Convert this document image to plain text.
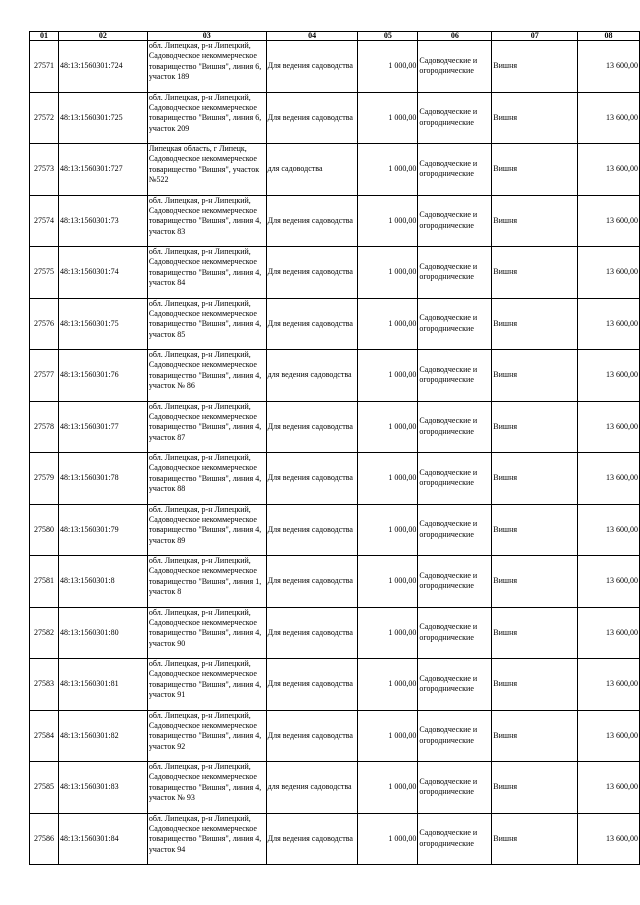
01	02	03	04	05	06	07	08
27571	48:13:1560301:724	обл. Липецкая, р-н Липецкий, Садоводческое некоммерческое товарищество "Вишня", линия 6, участок 189	Для ведения садоводства	1 000,00	Садоводческие и огороднические	Вишня	13 600,00
27572	48:13:1560301:725	обл. Липецкая, р-н Липецкий, Садоводческое некоммерческое товарищество "Вишня", линия 6, участок 209	Для ведения садоводства	1 000,00	Садоводческие и огороднические	Вишня	13 600,00
27573	48:13:1560301:727	Липецкая область, г Липецк, Садоводческое некоммерческое товарищество "Вишня", участок №522	для садоводства	1 000,00	Садоводческие и огороднические	Вишня	13 600,00
27574	48:13:1560301:73	обл. Липецкая, р-н Липецкий, Садоводческое некоммерческое товарищество "Вишня", линия 4, участок 83	Для ведения садоводства	1 000,00	Садоводческие и огороднические	Вишня	13 600,00
27575	48:13:1560301:74	обл. Липецкая, р-н Липецкий, Садоводческое некоммерческое товарищество "Вишня", линия 4, участок 84	Для ведения садоводства	1 000,00	Садоводческие и огороднические	Вишня	13 600,00
27576	48:13:1560301:75	обл. Липецкая, р-н Липецкий, Садоводческое некоммерческое товарищество "Вишня", линия 4, участок 85	Для ведения садоводства	1 000,00	Садоводческие и огороднические	Вишня	13 600,00
27577	48:13:1560301:76	обл. Липецкая, р-н Липецкий, Садоводческое некоммерческое товарищество "Вишня", линия 4, участок № 86	для ведения садоводства	1 000,00	Садоводческие и огороднические	Вишня	13 600,00
27578	48:13:1560301:77	обл. Липецкая, р-н Липецкий, Садоводческое некоммерческое товарищество "Вишня", линия 4, участок 87	Для ведения садоводства	1 000,00	Садоводческие и огороднические	Вишня	13 600,00
27579	48:13:1560301:78	обл. Липецкая, р-н Липецкий, Садоводческое некоммерческое товарищество "Вишня", линия 4, участок 88	Для ведения садоводства	1 000,00	Садоводческие и огороднические	Вишня	13 600,00
27580	48:13:1560301:79	обл. Липецкая, р-н Липецкий, Садоводческое некоммерческое товарищество "Вишня", линия 4, участок 89	Для ведения садоводства	1 000,00	Садоводческие и огороднические	Вишня	13 600,00
27581	48:13:1560301:8	обл. Липецкая, р-н Липецкий, Садоводческое некоммерческое товарищество "Вишня", линия 1, участок 8	Для ведения садоводства	1 000,00	Садоводческие и огороднические	Вишня	13 600,00
27582	48:13:1560301:80	обл. Липецкая, р-н Липецкий, Садоводческое некоммерческое товарищество "Вишня", линия 4, участок 90	Для ведения садоводства	1 000,00	Садоводческие и огороднические	Вишня	13 600,00
27583	48:13:1560301:81	обл. Липецкая, р-н Липецкий, Садоводческое некоммерческое товарищество "Вишня", линия 4, участок 91	Для ведения садоводства	1 000,00	Садоводческие и огороднические	Вишня	13 600,00
27584	48:13:1560301:82	обл. Липецкая, р-н Липецкий, Садоводческое некоммерческое товарищество "Вишня", линия 4, участок 92	Для ведения садоводства	1 000,00	Садоводческие и огороднические	Вишня	13 600,00
27585	48:13:1560301:83	обл. Липецкая, р-н Липецкий, Садоводческое некоммерческое товарищество "Вишня", линия 4, участок № 93	для ведения садоводства	1 000,00	Садоводческие и огороднические	Вишня	13 600,00
27586	48:13:1560301:84	обл. Липецкая, р-н Липецкий, Садоводческое некоммерческое товарищество "Вишня", линия 4, участок 94	Для ведения садоводства	1 000,00	Садоводческие и огороднические	Вишня	13 600,00
